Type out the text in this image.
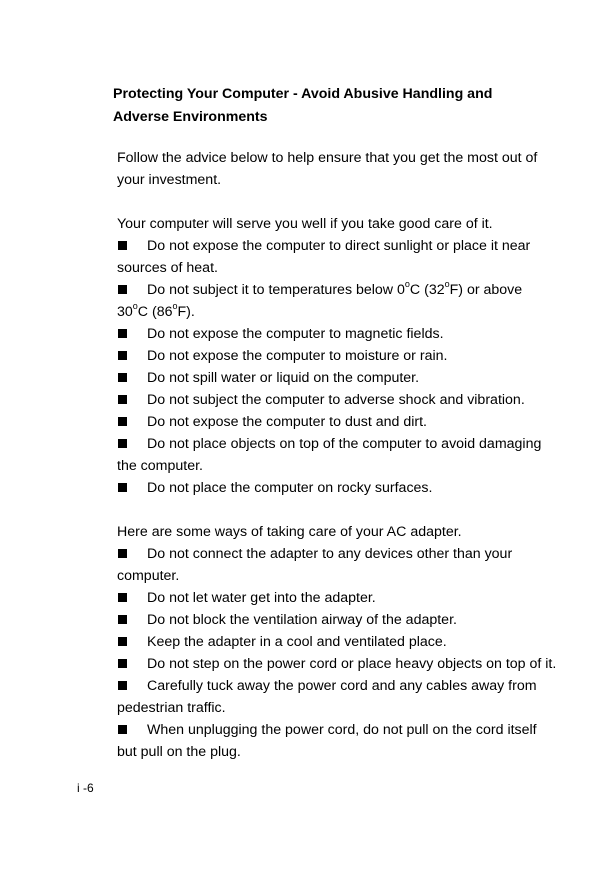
Protecting Your Computer - Avoid Abusive Handling and
Adverse Environments

Follow the advice below to help ensure that you get the most out of your investment.

Your computer will serve you well if you take good care of it.

Do not expose the computer to direct sunlight or place it near sources of heat.

Do not subject it to temperatures below 0$^o$C (32$^o$F) or above 30$^o$C (86$^o$F).

Do not expose the computer to magnetic fields.

Do not expose the computer to moisture or rain.

Do not spill water or liquid on the computer.

Do not subject the computer to adverse shock and vibration.

Do not expose the computer to dust and dirt.

Do not place objects on top of the computer to avoid damaging the computer.

Do not place the computer on rocky surfaces.

Here are some ways of taking care of your AC adapter.

Do not connect the adapter to any devices other than your computer.

Do not let water get into the adapter.

Do not block the ventilation airway of the adapter.

Keep the adapter in a cool and ventilated place.

Do not step on the power cord or place heavy objects on top of it.

Carefully tuck away the power cord and any cables away from pedestrian traffic.

When unplugging the power cord, do not pull on the cord itself but pull on the plug.

i -6
